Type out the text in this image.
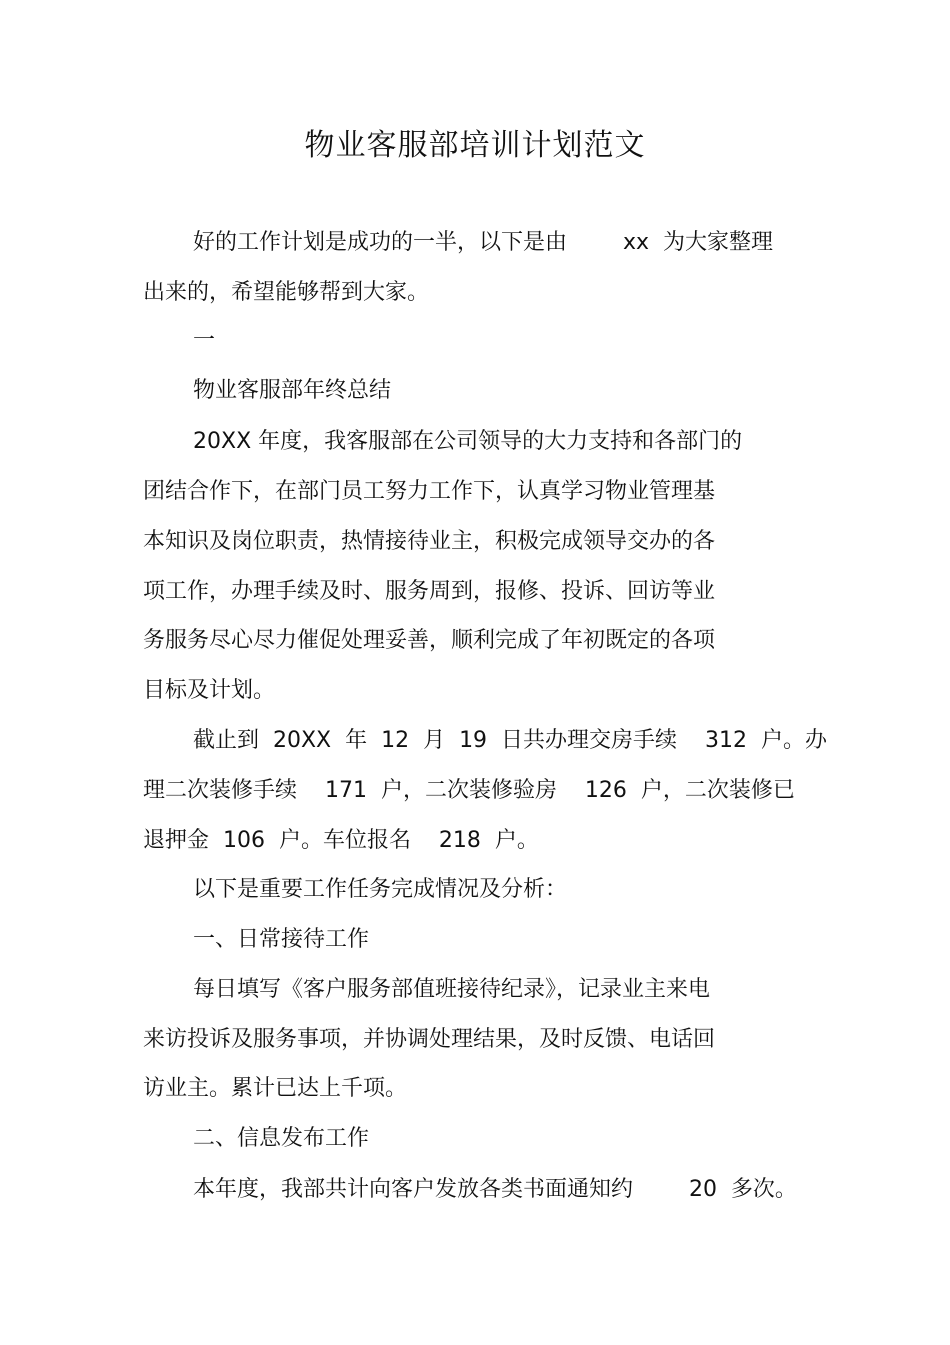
物业客服部培训计划范文
好的工作计划是成功的一半，以下是由        xx  为大家整理
出来的，希望能够帮到大家。
一
物业客服部年终总结
20XX 年度，我客服部在公司领导的大力支持和各部门的
团结合作下，在部门员工努力工作下，认真学习物业管理基
本知识及岗位职责，热情接待业主，积极完成领导交办的各
项工作，办理手续及时、服务周到，报修、投诉、回访等业
务服务尽心尽力催促处理妥善，顺利完成了年初既定的各项
目标及计划。
截止到  20XX  年  12  月  19  日共办理交房手续    312  户。办
理二次装修手续    171  户，二次装修验房    126  户，二次装修已
退押金  106  户。车位报名    218  户。
以下是重要工作任务完成情况及分析：
一、日常接待工作
每日填写《客户服务部值班接待纪录》，记录业主来电
来访投诉及服务事项，并协调处理结果，及时反馈、电话回
访业主。累计已达上千项。
二、信息发布工作
本年度，我部共计向客户发放各类书面通知约        20  多次。
